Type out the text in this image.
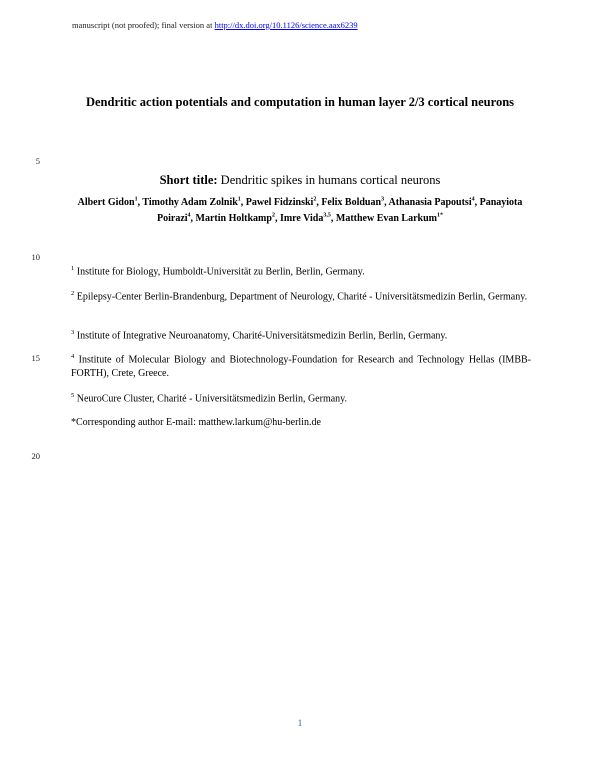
manuscript (not proofed); final version at http://dx.doi.org/10.1126/science.aax6239
Dendritic action potentials and computation in human layer 2/3 cortical neurons
5
Short title: Dendritic spikes in humans cortical neurons
Albert Gidon$^1$, Timothy Adam Zolnik$^1$, Pawel Fidzinski$^2$, Felix Bolduan$^3$, Athanasia Papoutsi$^4$, Panayiota Poirazi$^4$, Martin Holtkamp$^2$, Imre Vida$^{3,5}$, Matthew Evan Larkum$^{1*}$
10
$^1$ Institute for Biology, Humboldt-Universität zu Berlin, Berlin, Germany.
$^2$ Epilepsy-Center Berlin-Brandenburg, Department of Neurology, Charité - Universitätsmedizin Berlin, Germany.
$^3$ Institute of Integrative Neuroanatomy, Charité-Universitätsmedizin Berlin, Berlin, Germany.
15	$^4$ Institute of Molecular Biology and Biotechnology-Foundation for Research and Technology Hellas (IMBB-FORTH), Crete, Greece.
$^5$ NeuroCure Cluster, Charité - Universitätsmedizin Berlin, Germany.
*Corresponding author E-mail: matthew.larkum@hu-berlin.de
20
1
